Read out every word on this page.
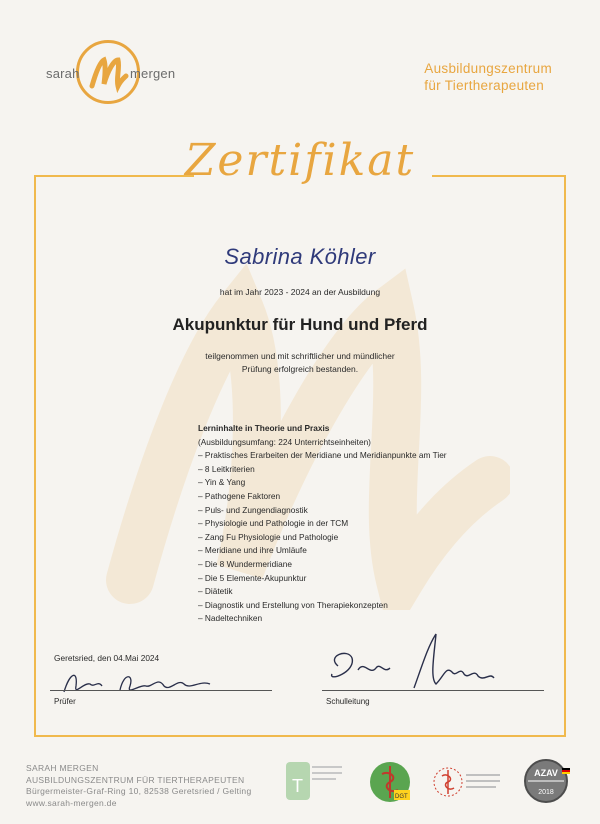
sarah	mergen	Ausbildungszentrum
für Tiertherapeuten
Zertifikat
Sabrina Köhler
hat im Jahr 2023 - 2024 an der Ausbildung
Akupunktur für Hund und Pferd
teilgenommen und mit schriftlicher und mündlicher
Prüfung erfolgreich bestanden.
Lerninhalte in Theorie und Praxis
(Ausbildungsumfang: 224 Unterrichtseinheiten)
– Praktisches Erarbeiten der Meridiane und Meridianpunkte am Tier
– 8 Leitkriterien
– Yin & Yang
– Pathogene Faktoren
– Puls- und Zungendiagnostik
– Physiologie und Pathologie in der TCM
– Zang Fu Physiologie und Pathologie
– Meridiane und ihre Umläufe
– Die 8 Wundermeridiane
– Die 5 Elemente-Akupunktur
– Diätetik
– Diagnostik und Erstellung von Therapiekonzepten
– Nadeltechniken
Geretsried, den 04.Mai 2024
Prüfer	Schulleitung
SARAH MERGEN
AUSBILDUNGSZENTRUM FÜR TIERTHERAPEUTEN
Bürgermeister-Graf-Ring 10, 82538 Geretsried / Gelting
www.sarah-mergen.de
T
DGT
AZAV
2018
